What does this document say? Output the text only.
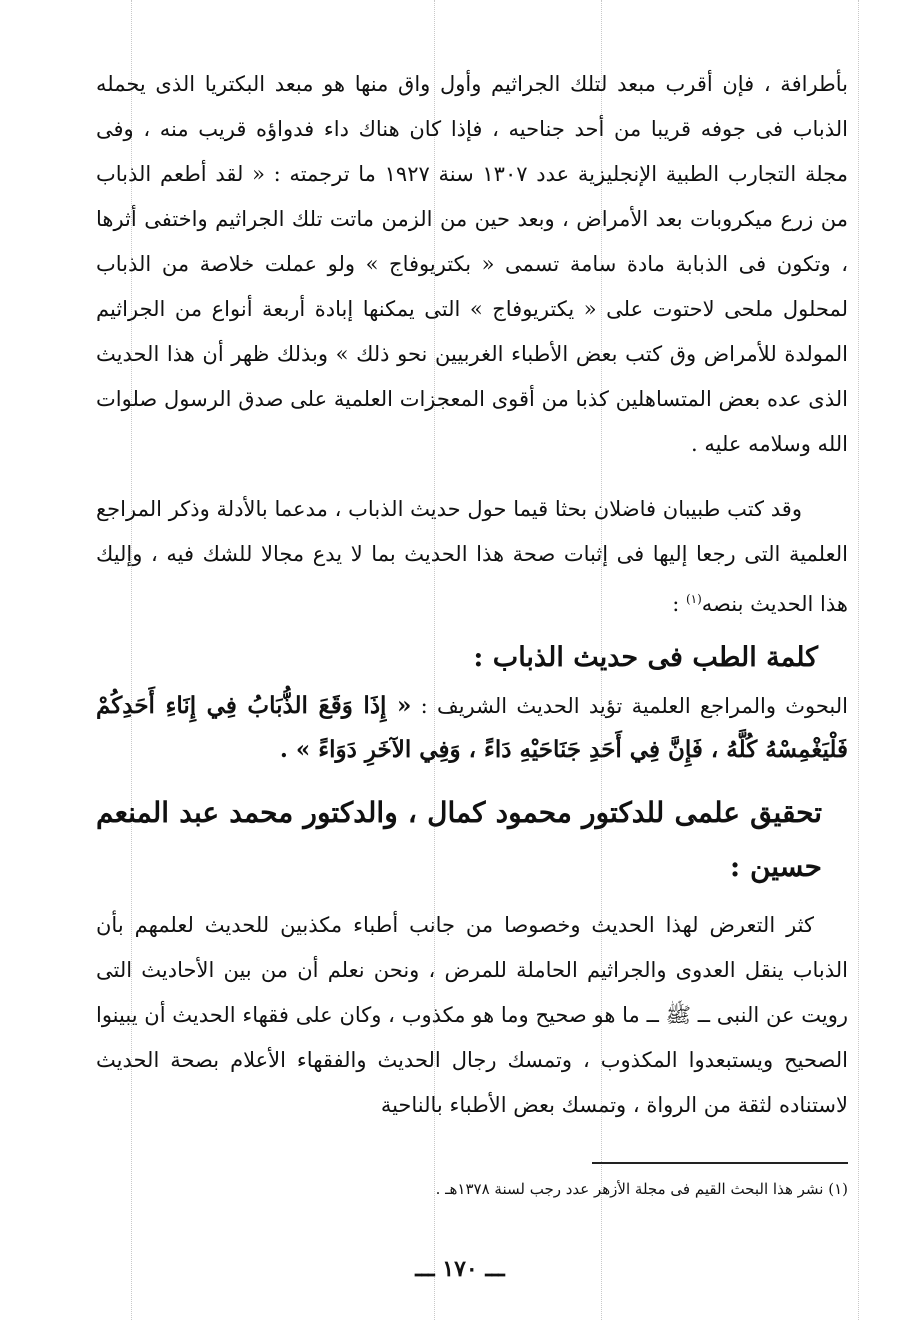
بأطرافة ، فإن أقرب مبعد لتلك الجراثيم وأول واق منها هو مبعد البكتريا الذى يحمله الذباب فى جوفه قريبا من أحد جناحيه ، فإذا كان هناك داء فدواؤه قريب منه ، وفى مجلة التجارب الطبية الإنجليزية عدد ١٣٠٧ سنة ١٩٢٧ ما ترجمته : « لقد أطعم الذباب من زرع ميكروبات بعد الأمراض ، وبعد حين من الزمن ماتت تلك الجراثيم واختفى أثرها ، وتكون فى الذبابة مادة سامة تسمى « بكتريوفاج » ولو عملت خلاصة من الذباب لمحلول ملحى لاحتوت على « يكتريوفاج » التى يمكنها إبادة أربعة أنواع من الجراثيم المولدة للأمراض وق كتب بعض الأطباء الغربيين نحو ذلك » وبذلك ظهر أن هذا الحديث الذى عده بعض المتساهلين كذبا من أقوى المعجزات العلمية على صدق الرسول صلوات الله وسلامه عليه .

وقد كتب طبيبان فاضلان بحثا قيما حول حديث الذباب ، مدعما بالأدلة وذكر المراجع العلمية التى رجعا إليها فى إثبات صحة هذا الحديث بما لا يدع مجالا للشك فيه ، وإليك هذا الحديث بنصه$^{(١)}$ :

كلمة الطب فى حديث الذباب :

البحوث والمراجع العلمية تؤيد الحديث الشريف : « إِذَا وَقَعَ الذُّبَابُ فِي إِنَاءِ أَحَدِكُمْ فَلْيَغْمِسْهُ كُلَّهُ ، فَإِنَّ فِي أَحَدِ جَنَاحَيْهِ دَاءً ، وَفِي الآخَرِ دَوَاءً » .

تحقيق علمى للدكتور محمود كمال ، والدكتور محمد عبد المنعم حسين :

كثر التعرض لهذا الحديث وخصوصا من جانب أطباء مكذبين للحديث لعلمهم بأن الذباب ينقل العدوى والجراثيم الحاملة للمرض ، ونحن نعلم أن من بين الأحاديث التى رويت عن النبى ــ ﷺ ــ ما هو صحيح وما هو مكذوب ، وكان على فقهاء الحديث أن يبينوا الصحيح ويستبعدوا المكذوب ، وتمسك رجال الحديث والفقهاء الأعلام بصحة الحديث لاستناده لثقة من الرواة ، وتمسك بعض الأطباء بالناحية

(١) نشر هذا البحث القيم فى مجلة الأزهر عدد رجب لسنة ١٣٧٨هـ .
ـــ ١٧٠ ـــ
